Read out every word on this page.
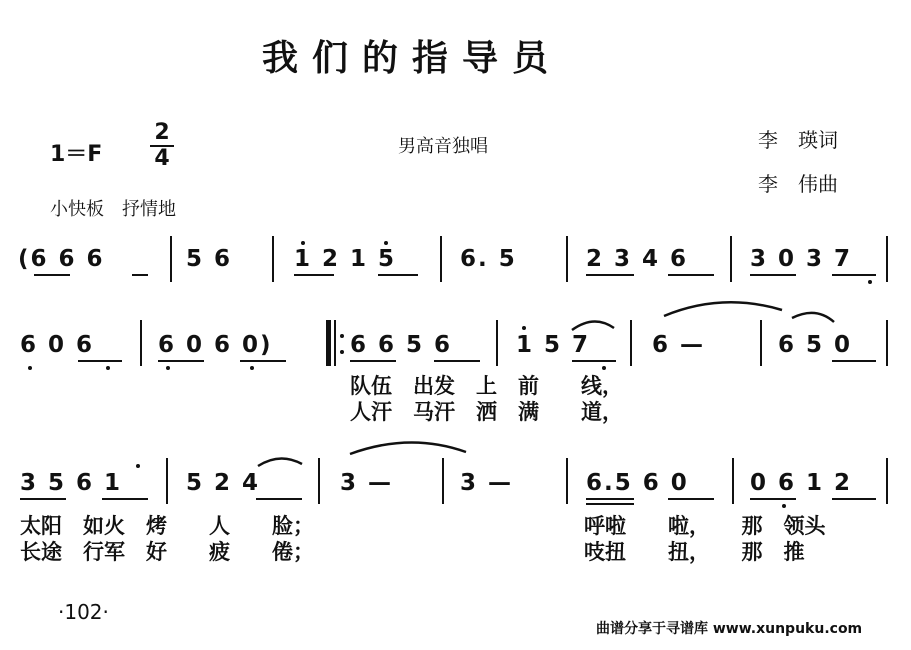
我们的指导员
1＝F
2
4	男高音独唱	李　瑛词
李　伟曲
小快板　抒情地
(6 6 6	5 6	1 2 1 5	6. 5	2 3 4 6	3 0 3 7
6 0 6	6 0 6 0)	6 6 5 6	1 5 7	6 —	6 5 0
队伍　出发　上　前　　线，
人汗　马汗　洒　满　　道，
3 5 6 1	5 2 4	3 —	3 —	6.5 6 0	0 6 1 2
太阳　如火　烤　　人　　脸；	呼啦　　啦，　　那　领头
长途　行军　好　　疲　　倦；	吱扭　　扭，　　那　推
·102·
曲谱分享于寻谱库 www.xunpuku.com
